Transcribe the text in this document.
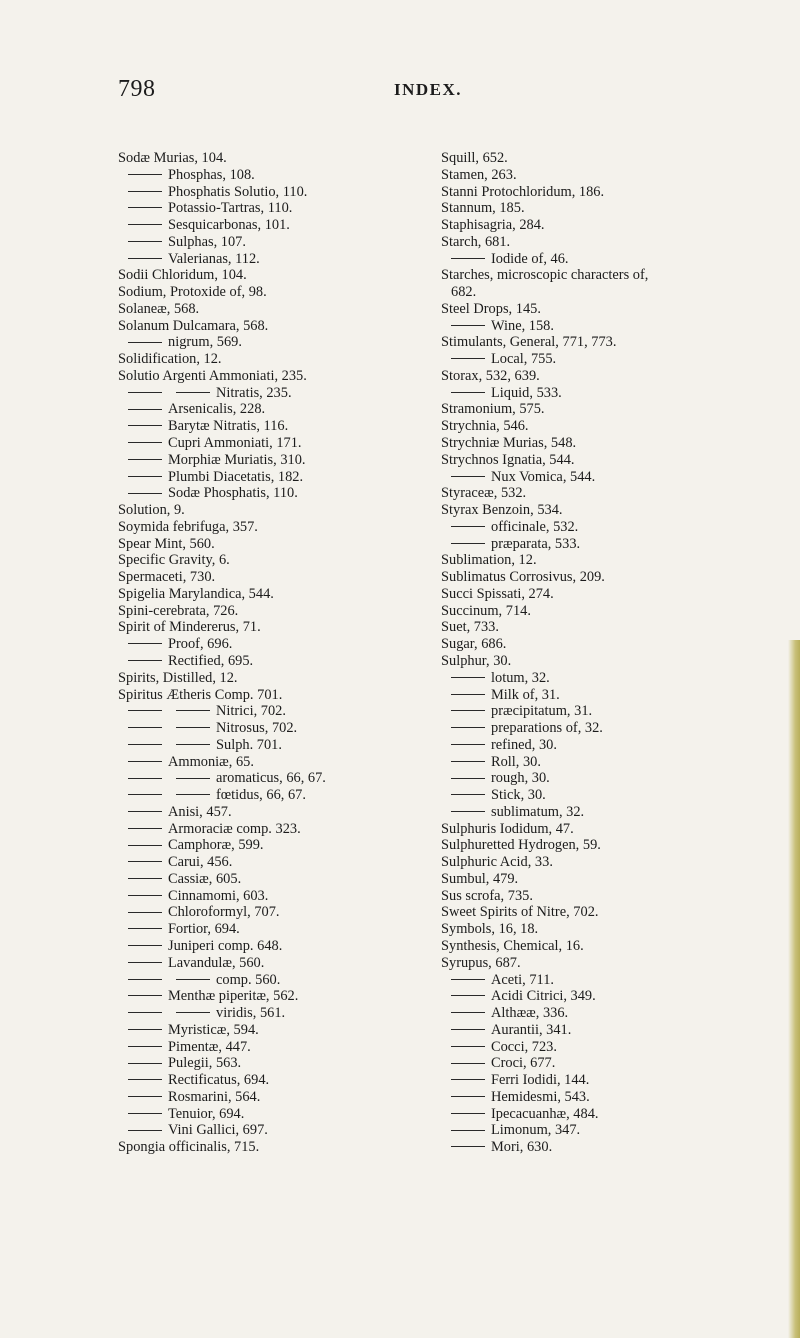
798	INDEX.
Sodæ Murias, 104.
Phosphas, 108.
Phosphatis Solutio, 110.
Potassio-Tartras, 110.
Sesquicarbonas, 101.
Sulphas, 107.
Valerianas, 112.
Sodii Chloridum, 104.
Sodium, Protoxide of, 98.
Solaneæ, 568.
Solanum Dulcamara, 568.
nigrum, 569.
Solidification, 12.
Solutio Argenti Ammoniati, 235.
Nitratis, 235.
Arsenicalis, 228.
Barytæ Nitratis, 116.
Cupri Ammoniati, 171.
Morphiæ Muriatis, 310.
Plumbi Diacetatis, 182.
Sodæ Phosphatis, 110.
Solution, 9.
Soymida febrifuga, 357.
Spear Mint, 560.
Specific Gravity, 6.
Spermaceti, 730.
Spigelia Marylandica, 544.
Spini-cerebrata, 726.
Spirit of Mindererus, 71.
Proof, 696.
Rectified, 695.
Spirits, Distilled, 12.
Spiritus Ætheris Comp. 701.
Nitrici, 702.
Nitrosus, 702.
Sulph. 701.
Ammoniæ, 65.
aromaticus, 66, 67.
fœtidus, 66, 67.
Anisi, 457.
Armoraciæ comp. 323.
Camphoræ, 599.
Carui, 456.
Cassiæ, 605.
Cinnamomi, 603.
Chloroformyl, 707.
Fortior, 694.
Juniperi comp. 648.
Lavandulæ, 560.
comp. 560.
Menthæ piperitæ, 562.
viridis, 561.
Myristicæ, 594.
Pimentæ, 447.
Pulegii, 563.
Rectificatus, 694.
Rosmarini, 564.
Tenuior, 694.
Vini Gallici, 697.
Spongia officinalis, 715.
Squill, 652.
Stamen, 263.
Stanni Protochloridum, 186.
Stannum, 185.
Staphisagria, 284.
Starch, 681.
Iodide of, 46.
Starches, microscopic characters of,
682.
Steel Drops, 145.
Wine, 158.
Stimulants, General, 771, 773.
Local, 755.
Storax, 532, 639.
Liquid, 533.
Stramonium, 575.
Strychnia, 546.
Strychniæ Murias, 548.
Strychnos Ignatia, 544.
Nux Vomica, 544.
Styraceæ, 532.
Styrax Benzoin, 534.
officinale, 532.
præparata, 533.
Sublimation, 12.
Sublimatus Corrosivus, 209.
Succi Spissati, 274.
Succinum, 714.
Suet, 733.
Sugar, 686.
Sulphur, 30.
lotum, 32.
Milk of, 31.
præcipitatum, 31.
preparations of, 32.
refined, 30.
Roll, 30.
rough, 30.
Stick, 30.
sublimatum, 32.
Sulphuris Iodidum, 47.
Sulphuretted Hydrogen, 59.
Sulphuric Acid, 33.
Sumbul, 479.
Sus scrofa, 735.
Sweet Spirits of Nitre, 702.
Symbols, 16, 18.
Synthesis, Chemical, 16.
Syrupus, 687.
Aceti, 711.
Acidi Citrici, 349.
Althææ, 336.
Aurantii, 341.
Cocci, 723.
Croci, 677.
Ferri Iodidi, 144.
Hemidesmi, 543.
Ipecacuanhæ, 484.
Limonum, 347.
Mori, 630.
